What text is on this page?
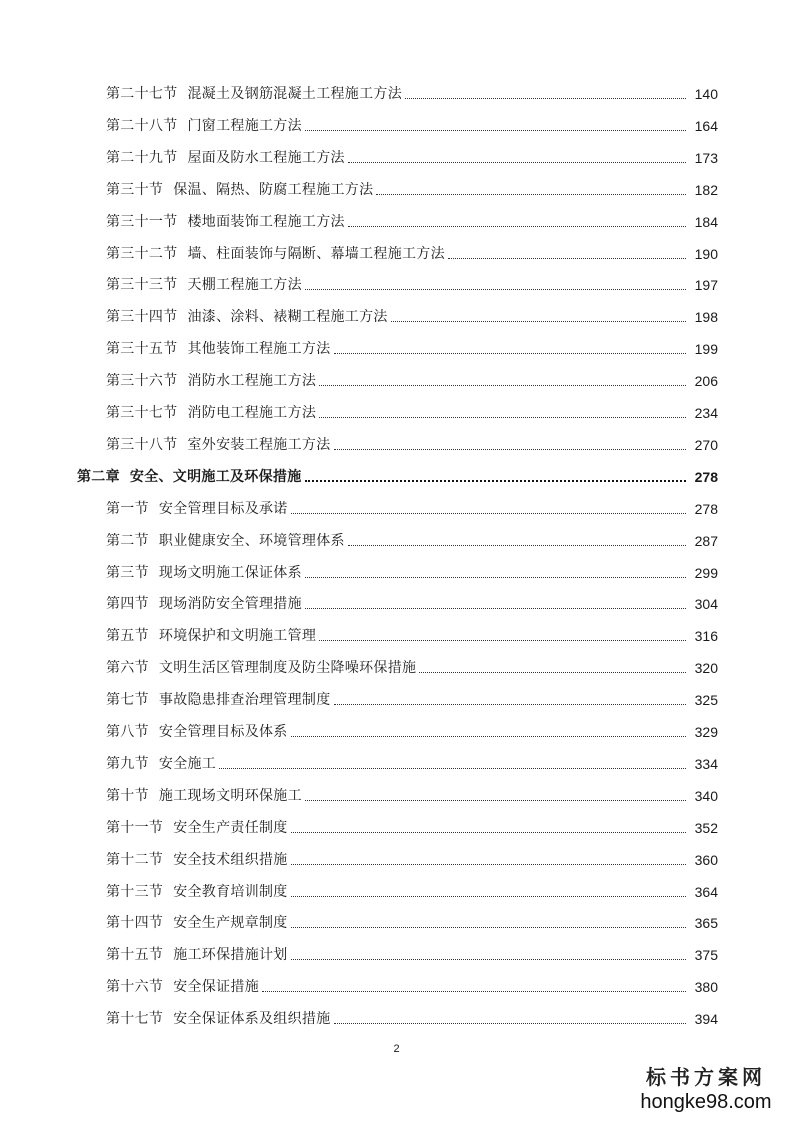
第二十七节 混凝土及钢筋混凝土工程施工方法	140
第二十八节 门窗工程施工方法	164
第二十九节 屋面及防水工程施工方法	173
第三十节 保温、隔热、防腐工程施工方法	182
第三十一节 楼地面装饰工程施工方法	184
第三十二节 墙、柱面装饰与隔断、幕墙工程施工方法	190
第三十三节 天棚工程施工方法	197
第三十四节 油漆、涂料、裱糊工程施工方法	198
第三十五节 其他装饰工程施工方法	199
第三十六节 消防水工程施工方法	206
第三十七节 消防电工程施工方法	234
第三十八节 室外安装工程施工方法	270
第二章 安全、文明施工及环保措施	278
第一节 安全管理目标及承诺	278
第二节 职业健康安全、环境管理体系	287
第三节 现场文明施工保证体系	299
第四节 现场消防安全管理措施	304
第五节 环境保护和文明施工管理	316
第六节 文明生活区管理制度及防尘降噪环保措施	320
第七节 事故隐患排查治理管理制度	325
第八节 安全管理目标及体系	329
第九节 安全施工	334
第十节 施工现场文明环保施工	340
第十一节 安全生产责任制度	352
第十二节 安全技术组织措施	360
第十三节 安全教育培训制度	364
第十四节 安全生产规章制度	365
第十五节 施工环保措施计划	375
第十六节 安全保证措施	380
第十七节 安全保证体系及组织措施	394
2
标书方案网
hongke98.com
